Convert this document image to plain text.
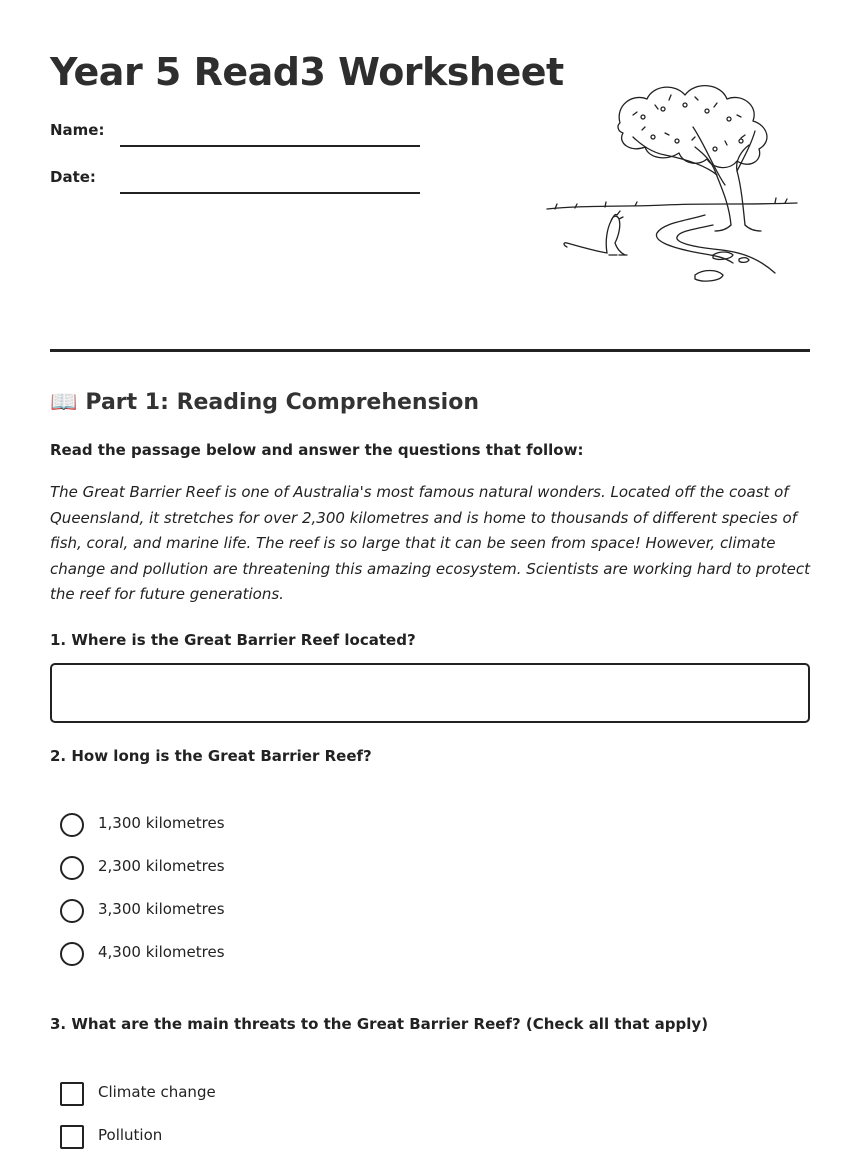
Year 5 Read3 Worksheet
Name:
Date:
📖 Part 1: Reading Comprehension
Read the passage below and answer the questions that follow:

The Great Barrier Reef is one of Australia's most famous natural wonders. Located off the coast of Queensland, it stretches for over 2,300 kilometres and is home to thousands of different species of fish, coral, and marine life. The reef is so large that it can be seen from space! However, climate change and pollution are threatening this amazing ecosystem. Scientists are working hard to protect the reef for future generations.

1. Where is the Great Barrier Reef located?
2. How long is the Great Barrier Reef?
1,300 kilometres
2,300 kilometres
3,300 kilometres
4,300 kilometres
3. What are the main threats to the Great Barrier Reef? (Check all that apply)
Climate change
Pollution
